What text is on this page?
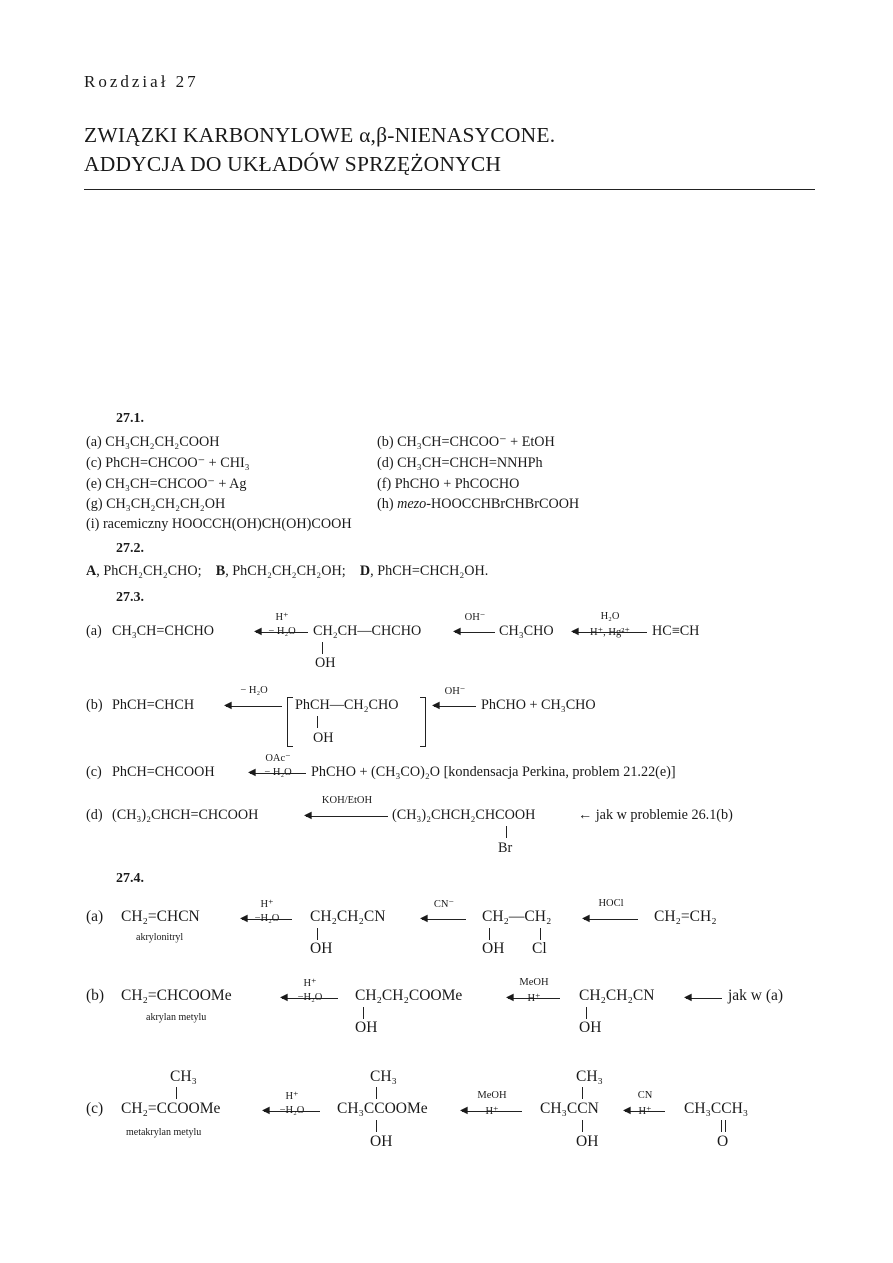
Rozdział 27
ZWIĄZKI KARBONYLOWE α,β-NIENASYCONE.
ADDYCJA DO UKŁADÓW SPRZĘŻONYCH
27.1.
(a) CH₃CH₂CH₂COOH	(b) CH₃CH=CHCOO⁻ + EtOH
(c) PhCH=CHCOO⁻ + CHI₃	(d) CH₃CH=CHCH=NNHPh
(e) CH₃CH=CHCOO⁻ + Ag	(f) PhCHO + PhCOCHO
(g) CH₃CH₂CH₂CH₂OH	(h) mezo-HOOCCHBrCHBrCOOH
(i) racemiczny HOOCCH(OH)CH(OH)COOH
27.2.
A, PhCH₂CH₂CHO; B, PhCH₂CH₂CH₂OH; D, PhCH=CHCH₂OH.
27.3.
(a) CH₃CH=CHCHO	◀
H⁺
− H₂O	CH₂CH—CHCHO
OH
◀
OH⁻
CH₃CHO ◀
H₂O
H⁺, Hg²⁺	HC≡CH
(b) PhCH=CHCH	◀
− H₂O
PhCH—CH₂CHO
OH
◀
OH⁻
PhCHO + CH₃CHO
(c) PhCH=CHCOOH	◀
OAc⁻
− H₂O	PhCHO + (CH₃CO)₂O [kondensacja Perkina, problem 21.22(e)]
(d) (CH₃)₂CHCH=CHCOOH	◀
KOH/EtOH
(CH₃)₂CHCH₂CHCOOH	← jak w problemie 26.1(b)
Br
27.4.
(a) CH₂=CHCN
akrylonitryl
◀
H⁺
−H₂O	CH₂CH₂CN
OH
◀
CN⁻
CH₂—CH₂
OH Cl
◀
HOCl
CH₂=CH₂
(b) CH₂=CHCOOMe
akrylan metylu
◀
H⁺
−H₂O	CH₂CH₂COOMe
OH
◀
MeOH
H⁺	CH₂CH₂CN
OH
◀ jak w (a)
CH₃
(c) CH₂=CCOOMe
metakrylan metylu
◀
H⁺
−H₂O
CH₃
CH₃CCOOMe
OH
◀
MeOH
H⁺
CH₃
CH₃CCN
OH
◀
CN
H⁺	CH₃CCH₃
O
